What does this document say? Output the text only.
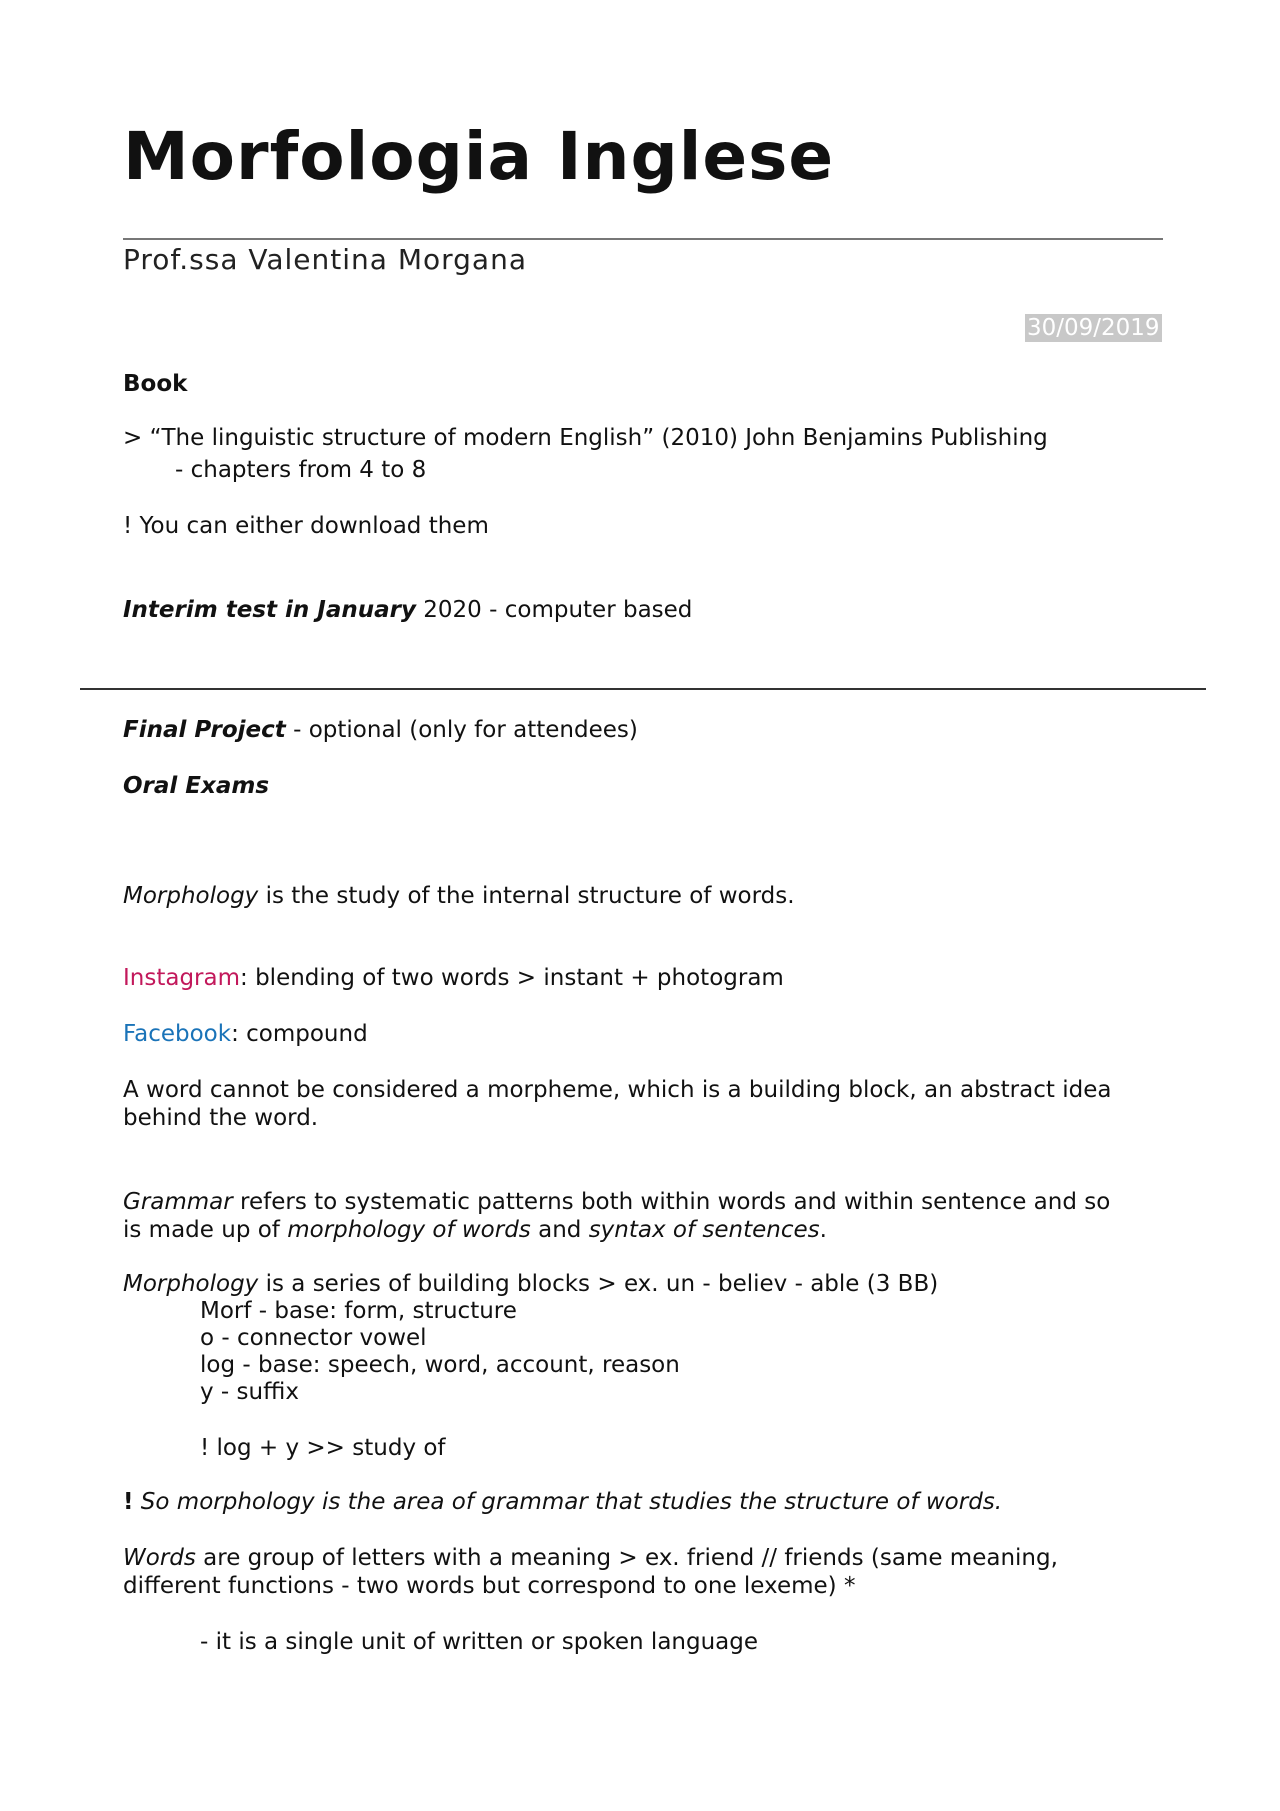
Morfologia Inglese
Prof.ssa Valentina Morgana
30/09/2019
Book
> “The linguistic structure of modern English” (2010) John Benjamins Publishing
- chapters from 4 to 8
! You can either download them
Interim test in January 2020 - computer based
Final Project - optional (only for attendees)
Oral Exams
Morphology is the study of the internal structure of words.
Instagram: blending of two words > instant + photogram
Facebook: compound
A word cannot be considered a morpheme, which is a building block, an abstract idea
behind the word.
Grammar refers to systematic patterns both within words and within sentence and so
is made up of morphology of words and syntax of sentences.
Morphology is a series of building blocks > ex. un - believ - able (3 BB)
Morf - base: form, structure
o - connector vowel
log - base: speech, word, account, reason
y - suffix
! log + y >> study of
! So morphology is the area of grammar that studies the structure of words.
Words are group of letters with a meaning > ex. friend // friends (same meaning,
different functions - two words but correspond to one lexeme) *
- it is a single unit of written or spoken language
